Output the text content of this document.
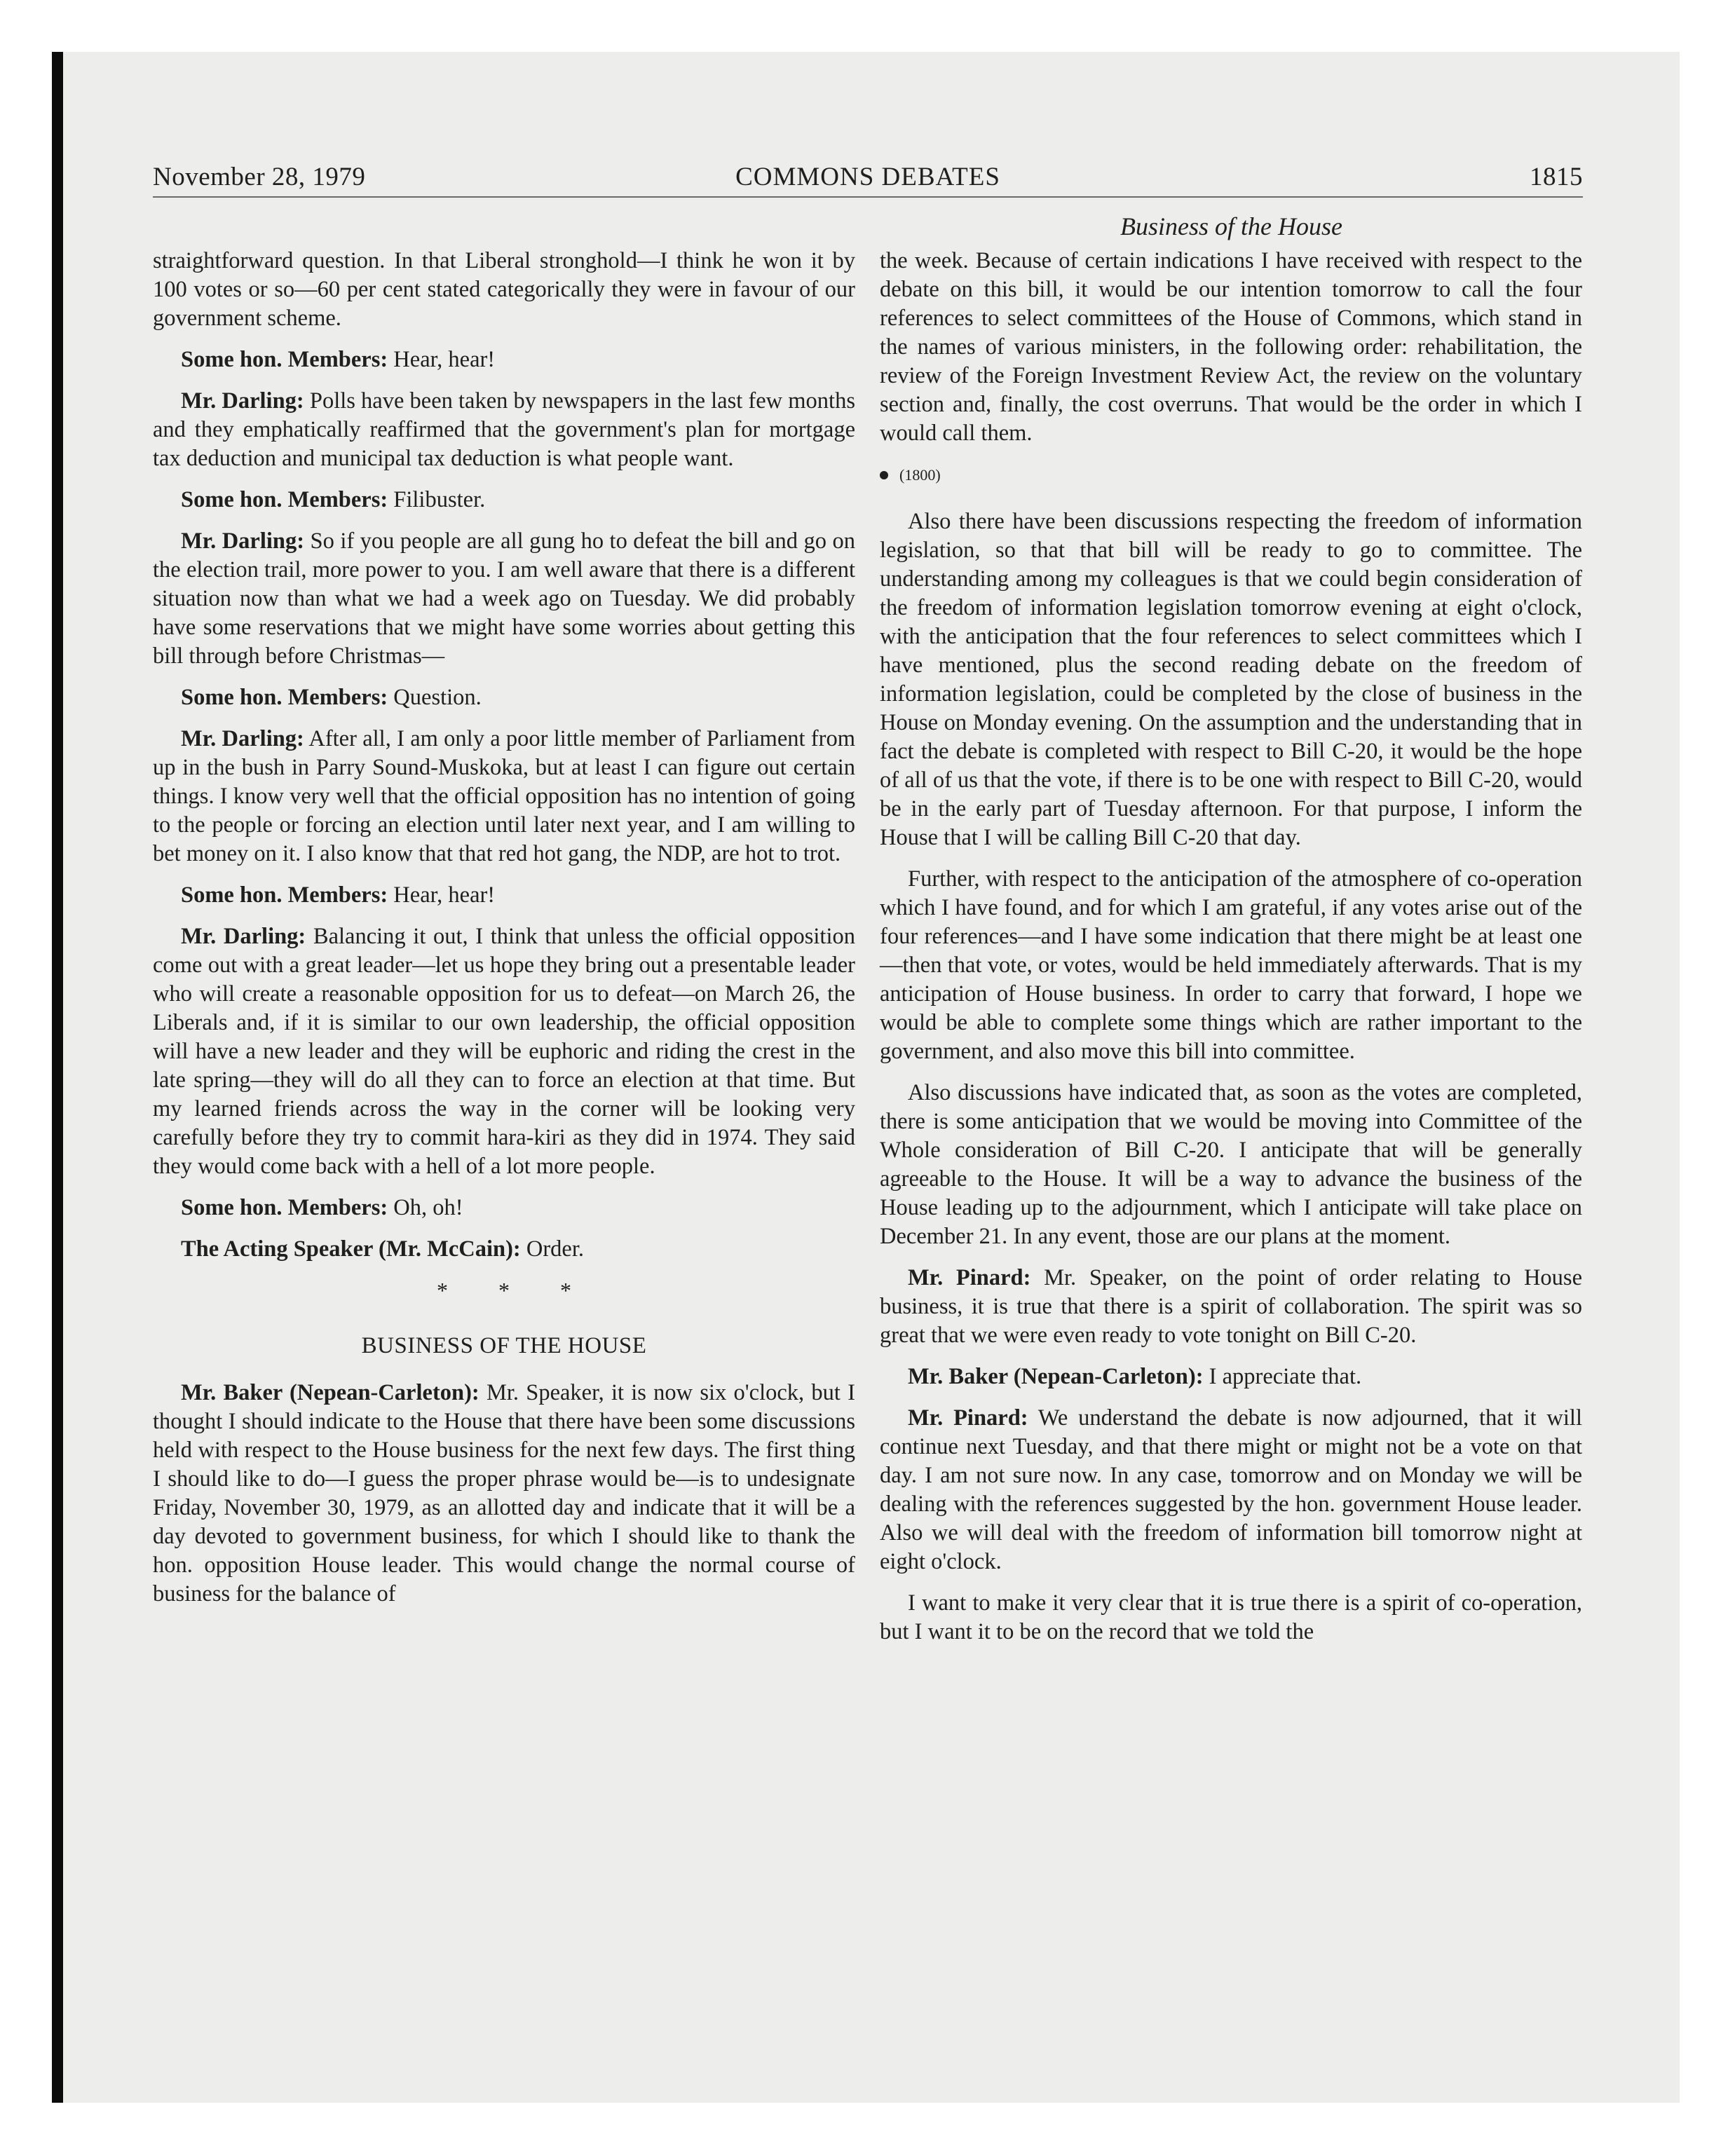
November 28, 1979	COMMONS DEBATES	1815
Business of the House

straightforward question. In that Liberal stronghold—I think he won it by 100 votes or so—60 per cent stated categorically they were in favour of our government scheme.

Some hon. Members: Hear, hear!

Mr. Darling: Polls have been taken by newspapers in the last few months and they emphatically reaffirmed that the government's plan for mortgage tax deduction and municipal tax deduction is what people want.

Some hon. Members: Filibuster.

Mr. Darling: So if you people are all gung ho to defeat the bill and go on the election trail, more power to you. I am well aware that there is a different situation now than what we had a week ago on Tuesday. We did probably have some reservations that we might have some worries about getting this bill through before Christmas—

Some hon. Members: Question.

Mr. Darling: After all, I am only a poor little member of Parliament from up in the bush in Parry Sound-Muskoka, but at least I can figure out certain things. I know very well that the official opposition has no intention of going to the people or forcing an election until later next year, and I am willing to bet money on it. I also know that that red hot gang, the NDP, are hot to trot.

Some hon. Members: Hear, hear!

Mr. Darling: Balancing it out, I think that unless the official opposition come out with a great leader—let us hope they bring out a presentable leader who will create a reasonable opposition for us to defeat—on March 26, the Liberals and, if it is similar to our own leadership, the official opposition will have a new leader and they will be euphoric and riding the crest in the late spring—they will do all they can to force an election at that time. But my learned friends across the way in the corner will be looking very carefully before they try to commit hara-kiri as they did in 1974. They said they would come back with a hell of a lot more people.

Some hon. Members: Oh, oh!

The Acting Speaker (Mr. McCain): Order.

* * *
BUSINESS OF THE HOUSE

Mr. Baker (Nepean-Carleton): Mr. Speaker, it is now six o'clock, but I thought I should indicate to the House that there have been some discussions held with respect to the House business for the next few days. The first thing I should like to do—I guess the proper phrase would be—is to undesignate Friday, November 30, 1979, as an allotted day and indicate that it will be a day devoted to government business, for which I should like to thank the hon. opposition House leader. This would change the normal course of business for the balance of

the week. Because of certain indications I have received with respect to the debate on this bill, it would be our intention tomorrow to call the four references to select committees of the House of Commons, which stand in the names of various ministers, in the following order: rehabilitation, the review of the Foreign Investment Review Act, the review on the voluntary section and, finally, the cost overruns. That would be the order in which I would call them.

(1800)

Also there have been discussions respecting the freedom of information legislation, so that that bill will be ready to go to committee. The understanding among my colleagues is that we could begin consideration of the freedom of information legislation tomorrow evening at eight o'clock, with the anticipation that the four references to select committees which I have mentioned, plus the second reading debate on the freedom of information legislation, could be completed by the close of business in the House on Monday evening. On the assumption and the understanding that in fact the debate is completed with respect to Bill C-20, it would be the hope of all of us that the vote, if there is to be one with respect to Bill C-20, would be in the early part of Tuesday afternoon. For that purpose, I inform the House that I will be calling Bill C-20 that day.

Further, with respect to the anticipation of the atmosphere of co-operation which I have found, and for which I am grateful, if any votes arise out of the four references—and I have some indication that there might be at least one—then that vote, or votes, would be held immediately afterwards. That is my anticipation of House business. In order to carry that forward, I hope we would be able to complete some things which are rather important to the government, and also move this bill into committee.

Also discussions have indicated that, as soon as the votes are completed, there is some anticipation that we would be moving into Committee of the Whole consideration of Bill C-20. I anticipate that will be generally agreeable to the House. It will be a way to advance the business of the House leading up to the adjournment, which I anticipate will take place on December 21. In any event, those are our plans at the moment.

Mr. Pinard: Mr. Speaker, on the point of order relating to House business, it is true that there is a spirit of collaboration. The spirit was so great that we were even ready to vote tonight on Bill C-20.

Mr. Baker (Nepean-Carleton): I appreciate that.

Mr. Pinard: We understand the debate is now adjourned, that it will continue next Tuesday, and that there might or might not be a vote on that day. I am not sure now. In any case, tomorrow and on Monday we will be dealing with the references suggested by the hon. government House leader. Also we will deal with the freedom of information bill tomorrow night at eight o'clock.

I want to make it very clear that it is true there is a spirit of co-operation, but I want it to be on the record that we told the
